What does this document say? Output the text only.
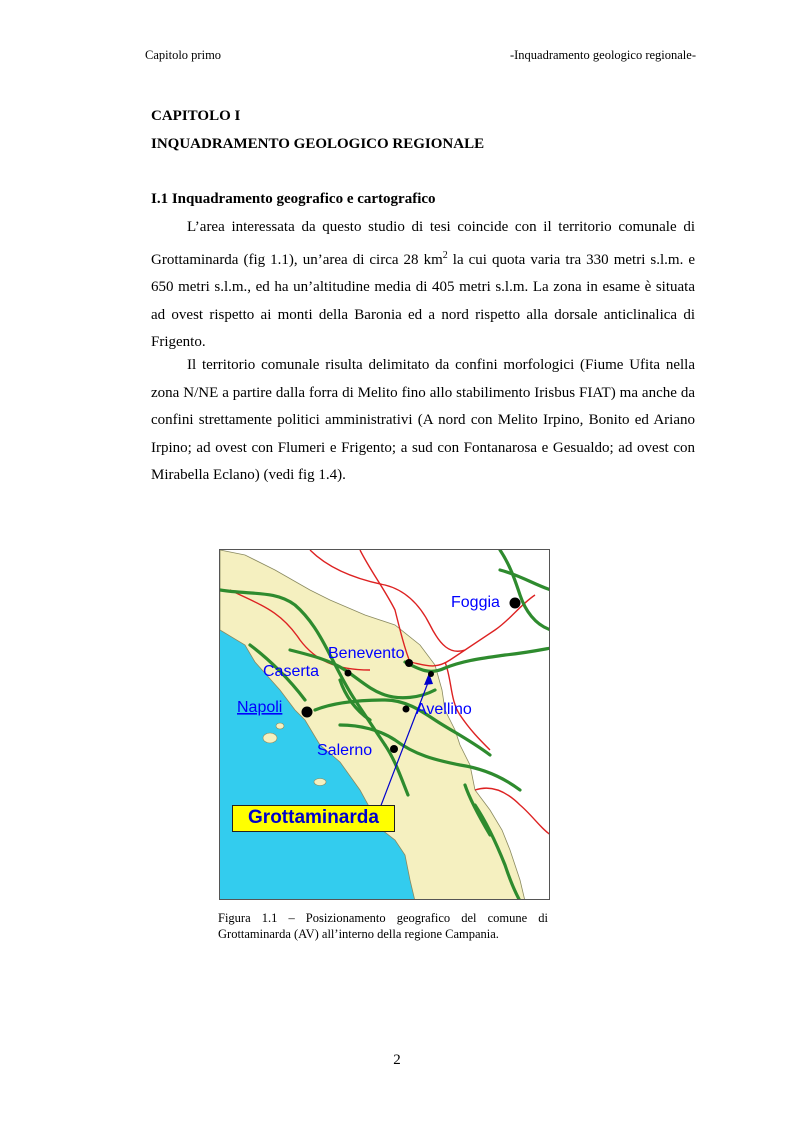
Capitolo primo	-Inquadramento geologico regionale-
CAPITOLO I
INQUADRAMENTO GEOLOGICO REGIONALE
I.1 Inquadramento geografico e cartografico

L’area interessata da questo studio di tesi coincide con il territorio comunale di Grottaminarda (fig 1.1), un’area di circa 28 $km^2$ la cui quota varia tra 330 metri s.l.m. e 650 metri s.l.m., ed ha un’altitudine media di 405 metri s.l.m. La zona in esame è situata ad ovest rispetto ai monti della Baronia ed a nord rispetto alla dorsale anticlinalica di Frigento.

Il territorio comunale risulta delimitato da confini morfologici (Fiume Ufita nella zona N/NE a partire dalla forra di Melito fino allo stabilimento Irisbus FIAT) ma anche da confini strettamente politici amministrativi (A nord con Melito Irpino, Bonito ed Ariano Irpino; ad ovest con Flumeri e Frigento; a sud con Fontanarosa e Gesualdo; ad ovest con Mirabella Eclano) (vedi fig 1.4).

Foggia
Benevento
Caserta
Napoli	Avellino
Salerno
Grottaminarda

Figura 1.1 – Posizionamento geografico del comune di Grottaminarda (AV) all’interno della regione Campania.

2
